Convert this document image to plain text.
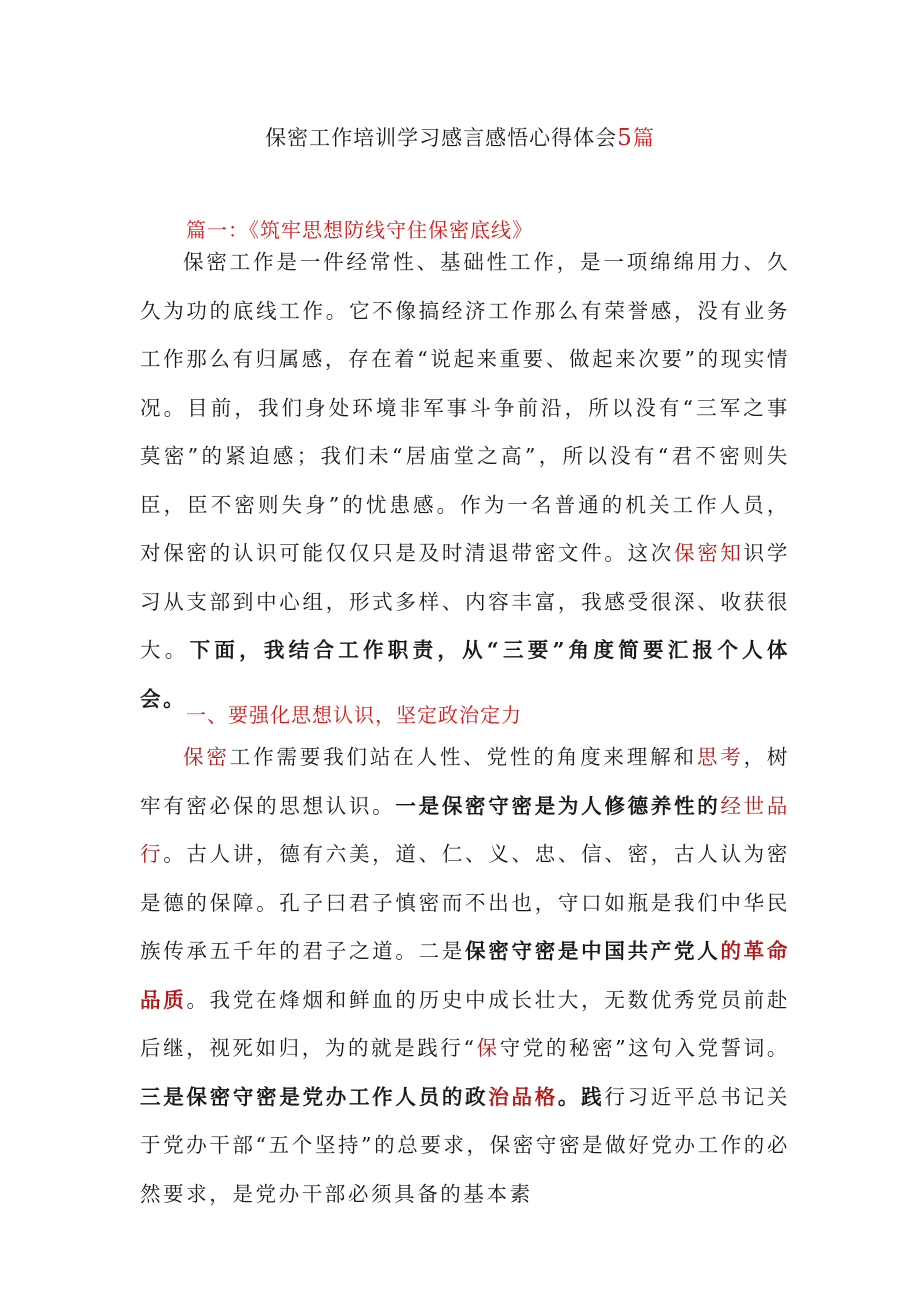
保密工作培训学习感言感悟心得体会5篇
篇一：《筑牢思想防线守住保密底线》

保密工作是一件经常性、基础性工作，是一项绵绵用力、久久为功的底线工作。它不像搞经济工作那么有荣誉感，没有业务工作那么有归属感，存在着“说起来重要、做起来次要”的现实情况。目前，我们身处环境非军事斗争前沿，所以没有“三军之事莫密”的紧迫感；我们未“居庙堂之高”，所以没有“君不密则失臣，臣不密则失身”的忧患感。作为一名普通的机关工作人员，对保密的认识可能仅仅只是及时清退带密文件。这次保密知识学习从支部到中心组，形式多样、内容丰富，我感受很深、收获很大。下面，我结合工作职责，从“三要”角度简要汇报个人体会。

一、要强化思想认识，坚定政治定力

保密工作需要我们站在人性、党性的角度来理解和思考，树牢有密必保的思想认识。一是保密守密是为人修德养性的经世品行。古人讲，德有六美，道、仁、义、忠、信、密，古人认为密是德的保障。孔子曰君子慎密而不出也，守口如瓶是我们中华民族传承五千年的君子之道。二是保密守密是中国共产党人的革命品质。我党在烽烟和鲜血的历史中成长壮大，无数优秀党员前赴后继，视死如归，为的就是践行“保守党的秘密”这句入党誓词。三是保密守密是党办工作人员的政治品格。践行习近平总书记关于党办干部“五个坚持”的总要求，保密守密是做好党办工作的必然要求，是党办干部必须具备的基本素
